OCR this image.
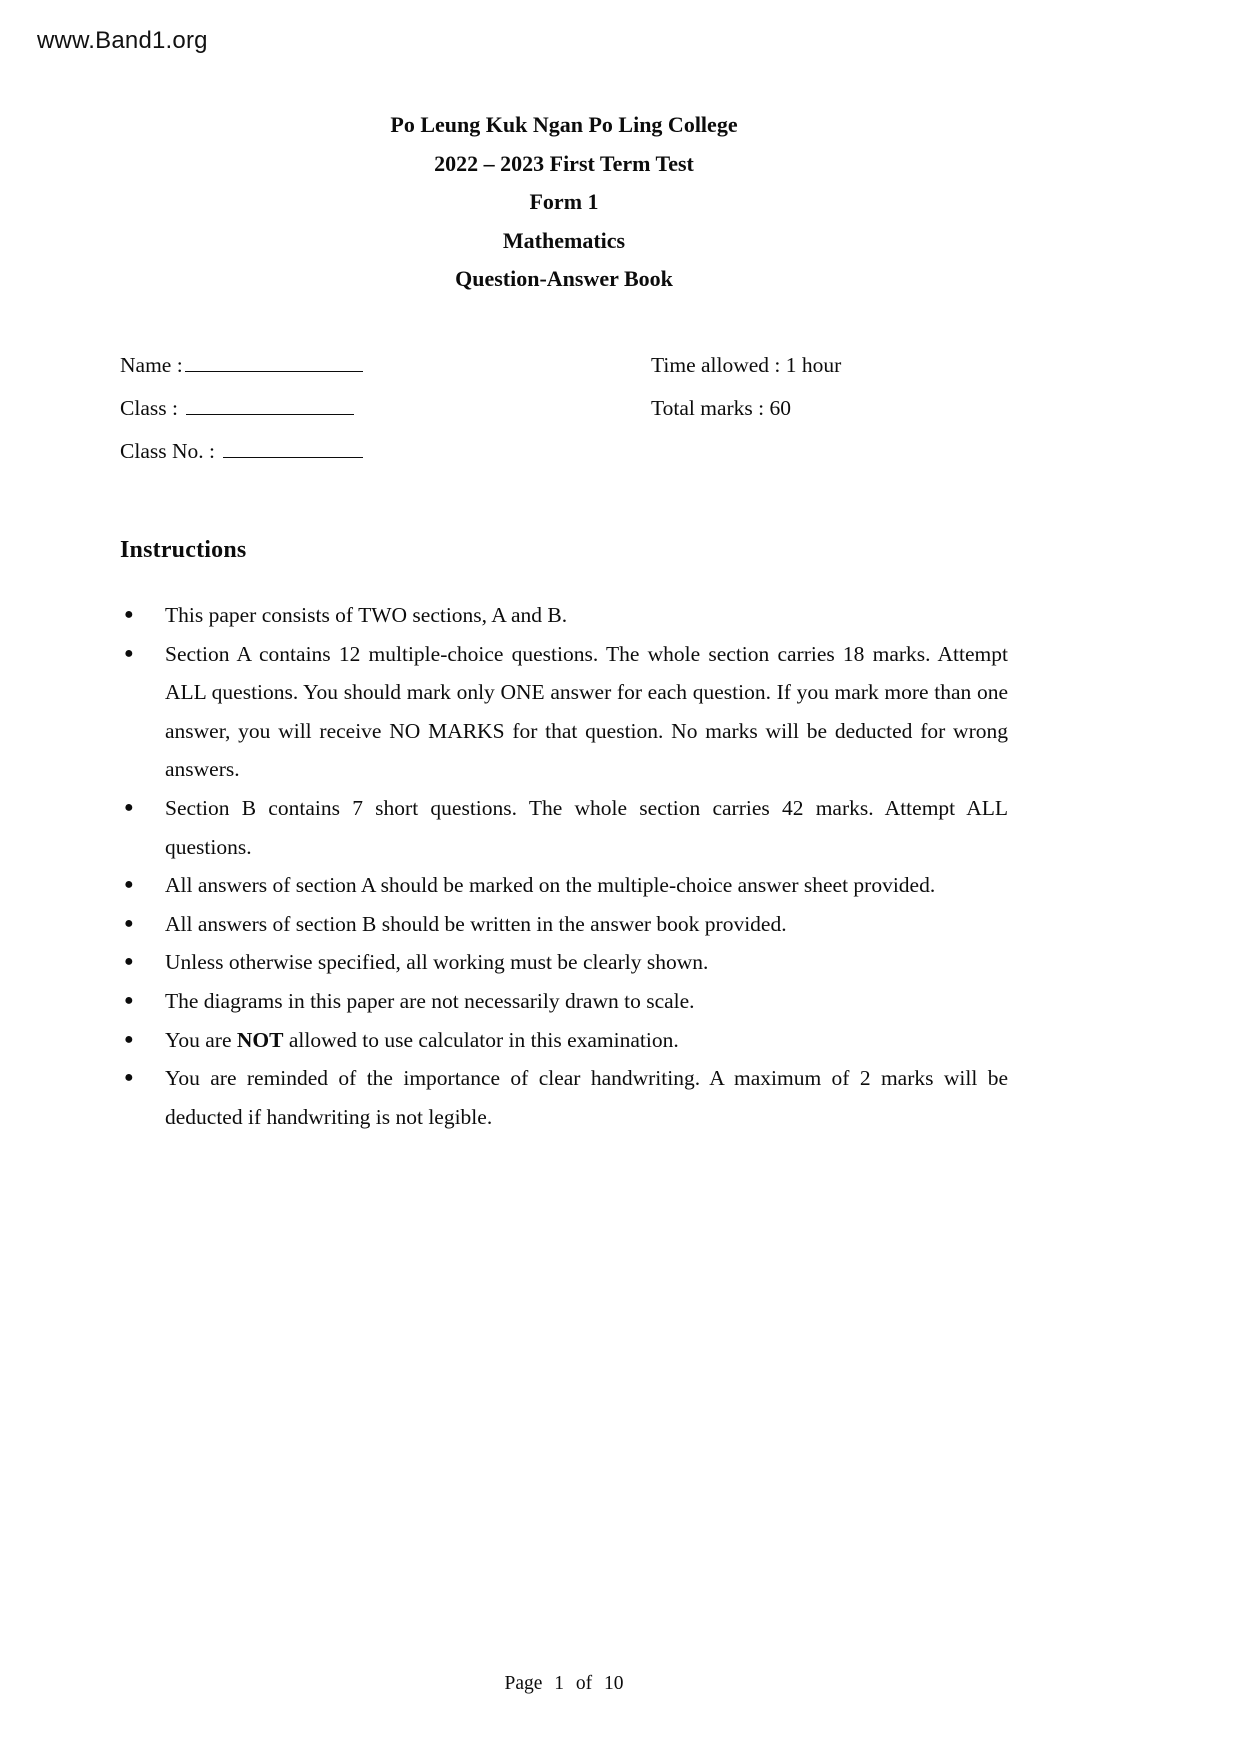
www.Band1.org
Po Leung Kuk Ngan Po Ling College
2022 – 2023 First Term Test
Form 1
Mathematics
Question-Answer Book
Name :	Time allowed : 1 hour
Class :	Total marks : 60
Class No. :
Instructions
●	This paper consists of TWO sections, A and B.
●	Section A contains 12 multiple-choice questions. The whole section carries 18 marks. Attempt ALL questions. You should mark only ONE answer for each question. If you mark more than one answer, you will receive NO MARKS for that question. No marks will be deducted for wrong answers.
●	Section B contains 7 short questions. The whole section carries 42 marks. Attempt ALL questions.
●	All answers of section A should be marked on the multiple-choice answer sheet provided.
●	All answers of section B should be written in the answer book provided.
●	Unless otherwise specified, all working must be clearly shown.
●	The diagrams in this paper are not necessarily drawn to scale.
●	You are NOT allowed to use calculator in this examination.
●	You are reminded of the importance of clear handwriting. A maximum of 2 marks will be deducted if handwriting is not legible.
Page 1 of 10
